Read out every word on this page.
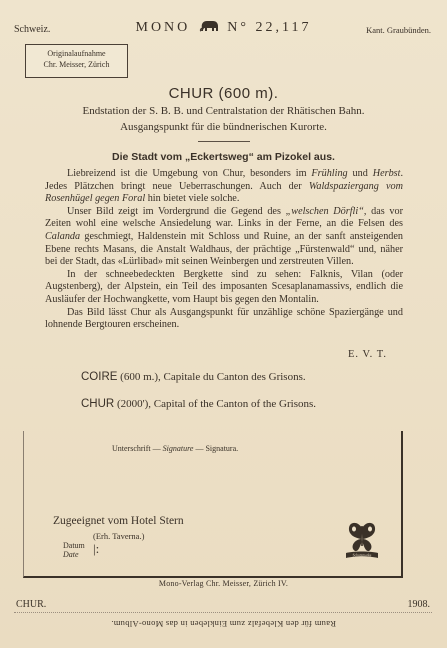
Schweiz.	MONO	N° 22,117	Kant. Graubünden.
Originalaufnahme
Chr. Meisser, Zürich
CHUR (600 m).
Endstation der S. B. B. und Centralstation der Rhätischen Bahn.
Ausgangspunkt für die bündnerischen Kurorte.
Die Stadt vom „Eckertsweg“ am Pizokel aus.

Liebreizend ist die Umgebung von Chur, besonders im Frühling und Herbst. Jedes Plätzchen bringt neue Ueberraschungen. Auch der Waldspaziergang vom Rosenhügel gegen Foral hin bietet viele solche.

Unser Bild zeigt im Vordergrund die Gegend des „welschen Dörfli“, das vor Zeiten wohl eine welsche Ansiedelung war. Links in der Ferne, an die Felsen des Calanda geschmiegt, Haldenstein mit Schloss und Ruine, an der sanft ansteigenden Ebene rechts Masans, die Anstalt Waldhaus, der prächtige „Fürstenwald“ und, näher bei der Stadt, das «Lürlibad» mit seinen Weinbergen und zerstreuten Villen.

In der schneebedeckten Bergkette sind zu sehen: Falknis, Vilan (oder Augstenberg), der Alpstein, ein Teil des imposanten Scesaplanamassivs, endlich die Ausläufer der Hochwangkette, vom Haupt bis gegen den Montalin.

Das Bild lässt Chur als Ausgangspunkt für unzählige schöne Spaziergänge und lohnende Bergtouren erscheinen.

E. V. T.
COIRE (600 m.), Capitale du Canton des Grisons.
CHUR (2000'), Capital of the Canton of the Grisons.
Unterschrift — Signature — Signatura.
Zugeeignet vom Hotel Stern
(Erh. Taverna.)
Datum
Date	|:	Schutzmarke
Mono-Verlag Chr. Meisser, Zürich IV.
CHUR.	1908.
Raum für den Klebefalz zum Einkleben in das Mono-Album.
